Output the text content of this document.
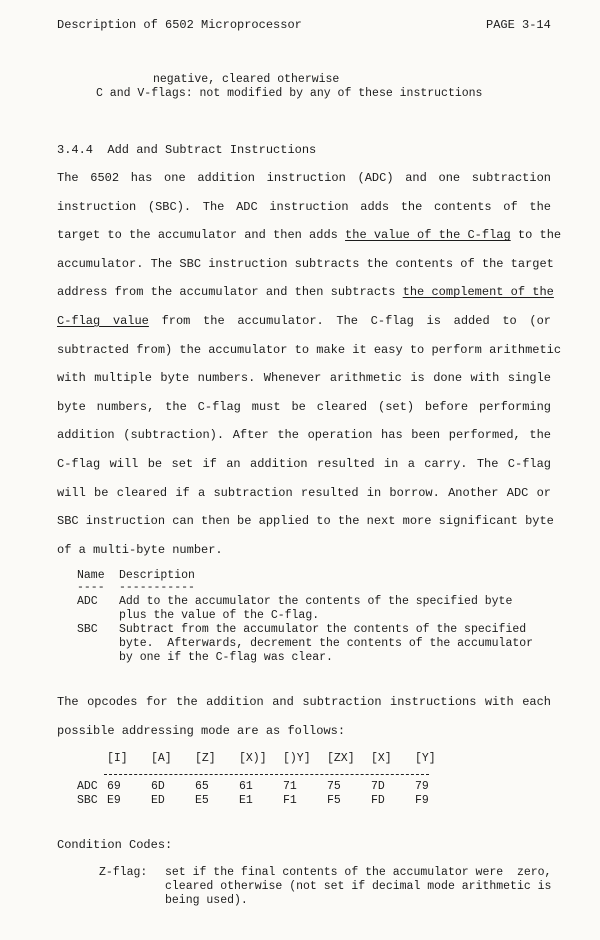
Description of 6502 Microprocessor	PAGE 3-14
negative, cleared otherwise
C and V-flags: not modified by any of these instructions
3.4.4  Add and Subtract Instructions
The 6502 has one addition instruction (ADC) and one subtraction
instruction (SBC). The ADC instruction adds the contents of the
target to the accumulator and then adds the value of the C-flag to the
accumulator. The SBC instruction subtracts the contents of the target
address from the accumulator and then subtracts the complement of the
C-flag value from the accumulator. The C-flag is added to (or
subtracted from) the accumulator to make it easy to perform arithmetic
with multiple byte numbers. Whenever arithmetic is done with single
byte numbers, the C-flag must be cleared (set) before performing
addition (subtraction). After the operation has been performed, the
C-flag will be set if an addition resulted in a carry. The C-flag
will be cleared if a subtraction resulted in borrow. Another ADC or
SBC instruction can then be applied to the next more significant byte
of a multi-byte number.
Name	Description
----	-----------
ADC	Add to the accumulator the contents of the specified byte
plus the value of the C-flag.
SBC	Subtract from the accumulator the contents of the specified
byte.  Afterwards, decrement the contents of the accumulator
by one if the C-flag was clear.
The opcodes for the addition and subtraction instructions with each
possible addressing mode are as follows:
[I]	[A]	[Z]	[X)]	[)Y]	[ZX]	[X]	[Y]
ADC 69	6D	65	61	71	75	7D	79
SBC E9	ED	E5	E1	F1	F5	FD	F9
Condition Codes:
Z-flag:	set if the final contents of the accumulator were  zero,
cleared otherwise (not set if decimal mode arithmetic is
being used).
